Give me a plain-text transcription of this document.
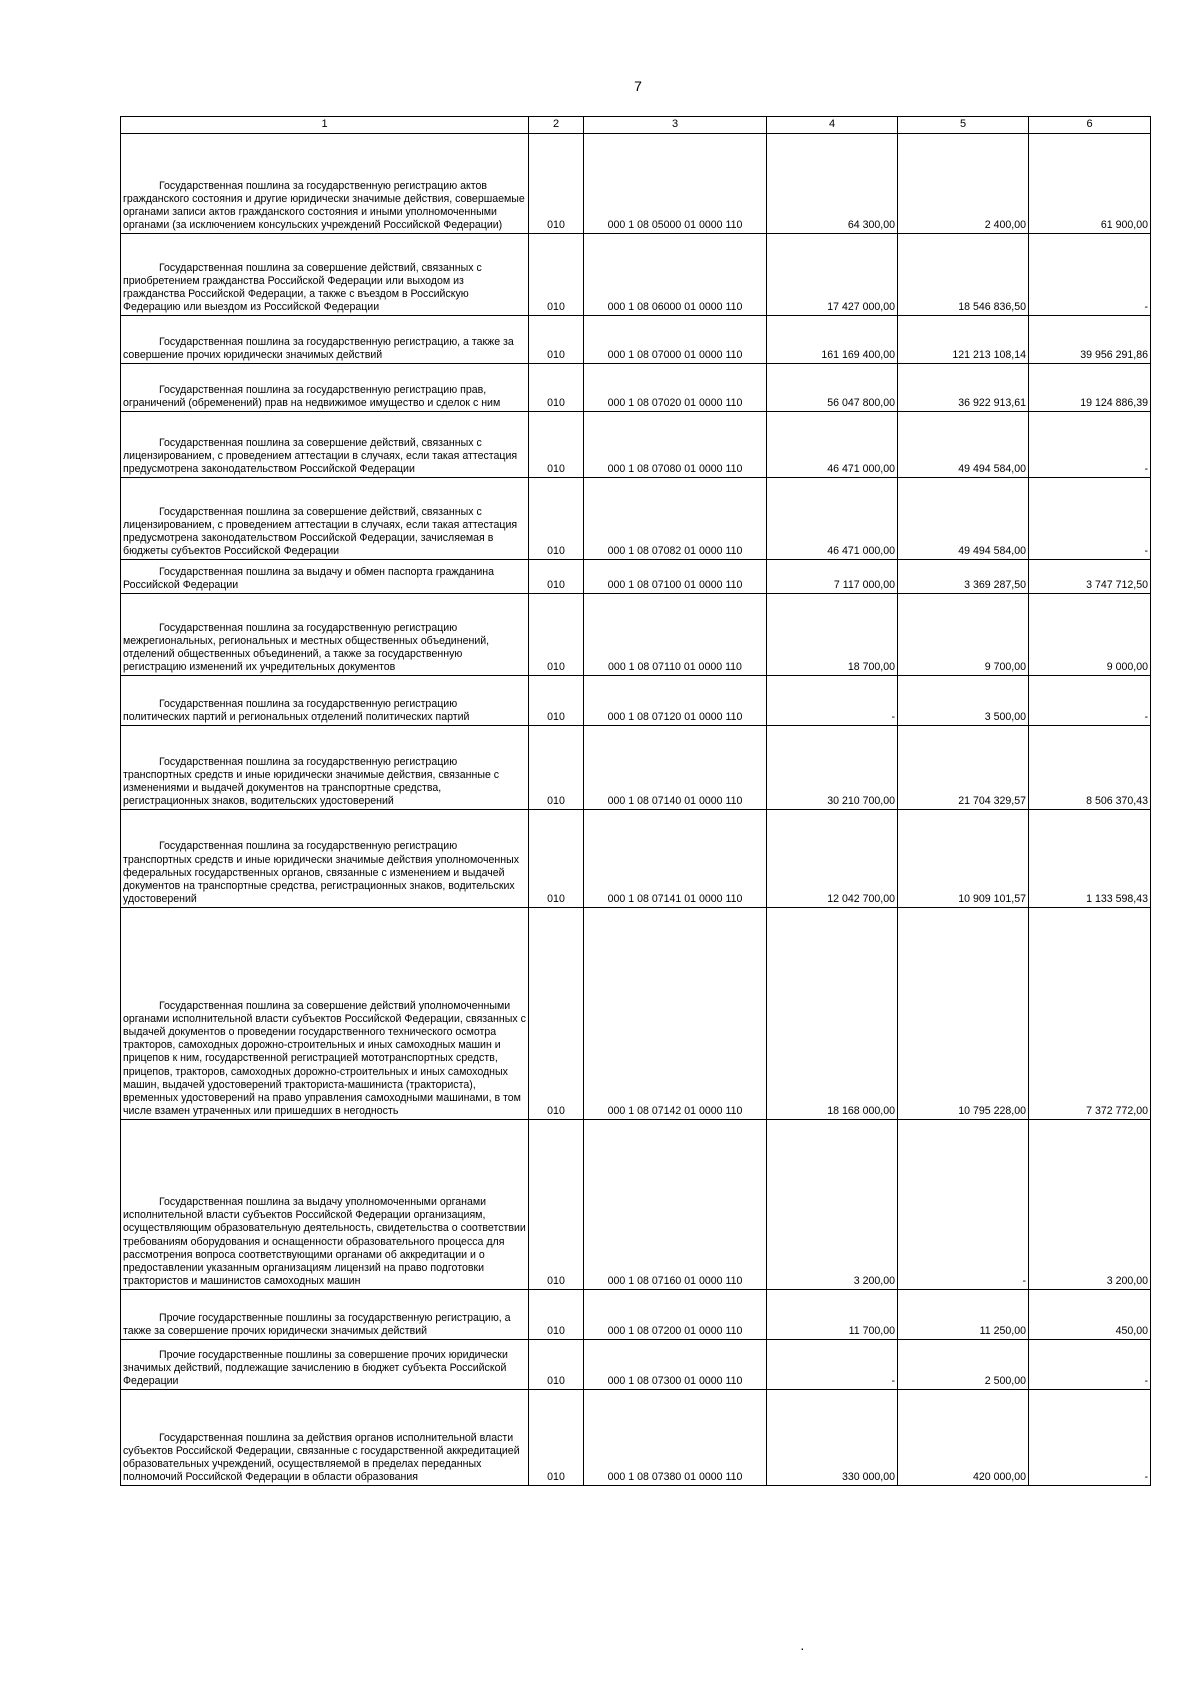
7
1	2	3	4	5	6

Государственная пошлина за государственную регистрацию актов гражданского состояния и другие юридически значимые действия, совершаемые органами записи актов гражданского состояния и иными уполномоченными органами (за исключением консульских учреждений Российской Федерации)	010	000 1 08 05000 01 0000 110	64 300,00	2 400,00	61 900,00

Государственная пошлина за совершение действий, связанных с приобретением гражданства Российской Федерации или выходом из гражданства Российской Федерации, а также с въездом в Российскую Федерацию или выездом из Российской Федерации	010	000 1 08 06000 01 0000 110	17 427 000,00	18 546 836,50	-

Государственная пошлина за государственную регистрацию, а также за совершение прочих юридически значимых действий	010	000 1 08 07000 01 0000 110	161 169 400,00	121 213 108,14	39 956 291,86

Государственная пошлина за государственную регистрацию прав, ограничений (обременений) прав на недвижимое имущество и сделок с ним	010	000 1 08 07020 01 0000 110	56 047 800,00	36 922 913,61	19 124 886,39

Государственная пошлина за совершение действий, связанных с лицензированием, с проведением аттестации в случаях, если такая аттестация предусмотрена законодательством Российской Федерации	010	000 1 08 07080 01 0000 110	46 471 000,00	49 494 584,00	-

Государственная пошлина за совершение действий, связанных с лицензированием, с проведением аттестации в случаях, если такая аттестация предусмотрена законодательством Российской Федерации, зачисляемая в бюджеты субъектов Российской Федерации	010	000 1 08 07082 01 0000 110	46 471 000,00	49 494 584,00	-

Государственная пошлина за выдачу и обмен паспорта гражданина Российской Федерации	010	000 1 08 07100 01 0000 110	7 117 000,00	3 369 287,50	3 747 712,50

Государственная пошлина за государственную регистрацию межрегиональных, региональных и местных общественных объединений, отделений общественных объединений, а также за государственную регистрацию изменений их учредительных документов	010	000 1 08 07110 01 0000 110	18 700,00	9 700,00	9 000,00

Государственная пошлина за государственную регистрацию политических партий и региональных отделений политических партий	010	000 1 08 07120 01 0000 110	-	3 500,00	-

Государственная пошлина за государственную регистрацию транспортных средств и иные юридически значимые действия, связанные с изменениями и выдачей документов на транспортные средства, регистрационных знаков, водительских удостоверений	010	000 1 08 07140 01 0000 110	30 210 700,00	21 704 329,57	8 506 370,43

Государственная пошлина за государственную регистрацию транспортных средств и иные юридически значимые действия уполномоченных федеральных государственных органов, связанные с изменением и выдачей документов на транспортные средства, регистрационных знаков, водительских удостоверений	010	000 1 08 07141 01 0000 110	12 042 700,00	10 909 101,57	1 133 598,43

Государственная пошлина за совершение действий уполномоченными органами исполнительной власти субъектов Российской Федерации, связанных с выдачей документов о проведении государственного технического осмотра тракторов, самоходных дорожно-строительных и иных самоходных машин и прицепов к ним, государственной регистрацией мототранспортных средств, прицепов, тракторов, самоходных дорожно-строительных и иных самоходных машин, выдачей удостоверений тракториста-машиниста (тракториста), временных удостоверений на право управления самоходными машинами, в том числе взамен утраченных или пришедших в негодность	010	000 1 08 07142 01 0000 110	18 168 000,00	10 795 228,00	7 372 772,00

Государственная пошлина за выдачу уполномоченными органами исполнительной власти субъектов Российской Федерации организациям, осуществляющим образовательную деятельность, свидетельства о соответствии требованиям оборудования и оснащенности образовательного процесса для рассмотрения вопроса соответствующими органами об аккредитации и о предоставлении указанным организациям лицензий на право подготовки трактористов и машинистов самоходных машин	010	000 1 08 07160 01 0000 110	3 200,00	-	3 200,00

Прочие государственные пошлины за государственную регистрацию, а также за совершение прочих юридически значимых действий	010	000 1 08 07200 01 0000 110	11 700,00	11 250,00	450,00

Прочие государственные пошлины за совершение прочих юридически значимых действий, подлежащие зачислению в бюджет субъекта Российской Федерации	010	000 1 08 07300 01 0000 110	-	2 500,00	-

Государственная пошлина за действия органов исполнительной власти субъектов Российской Федерации, связанные с государственной аккредитацией образовательных учреждений, осуществляемой в пределах переданных полномочий Российской Федерации в области образования	010	000 1 08 07380 01 0000 110	330 000,00	420 000,00	-
·
